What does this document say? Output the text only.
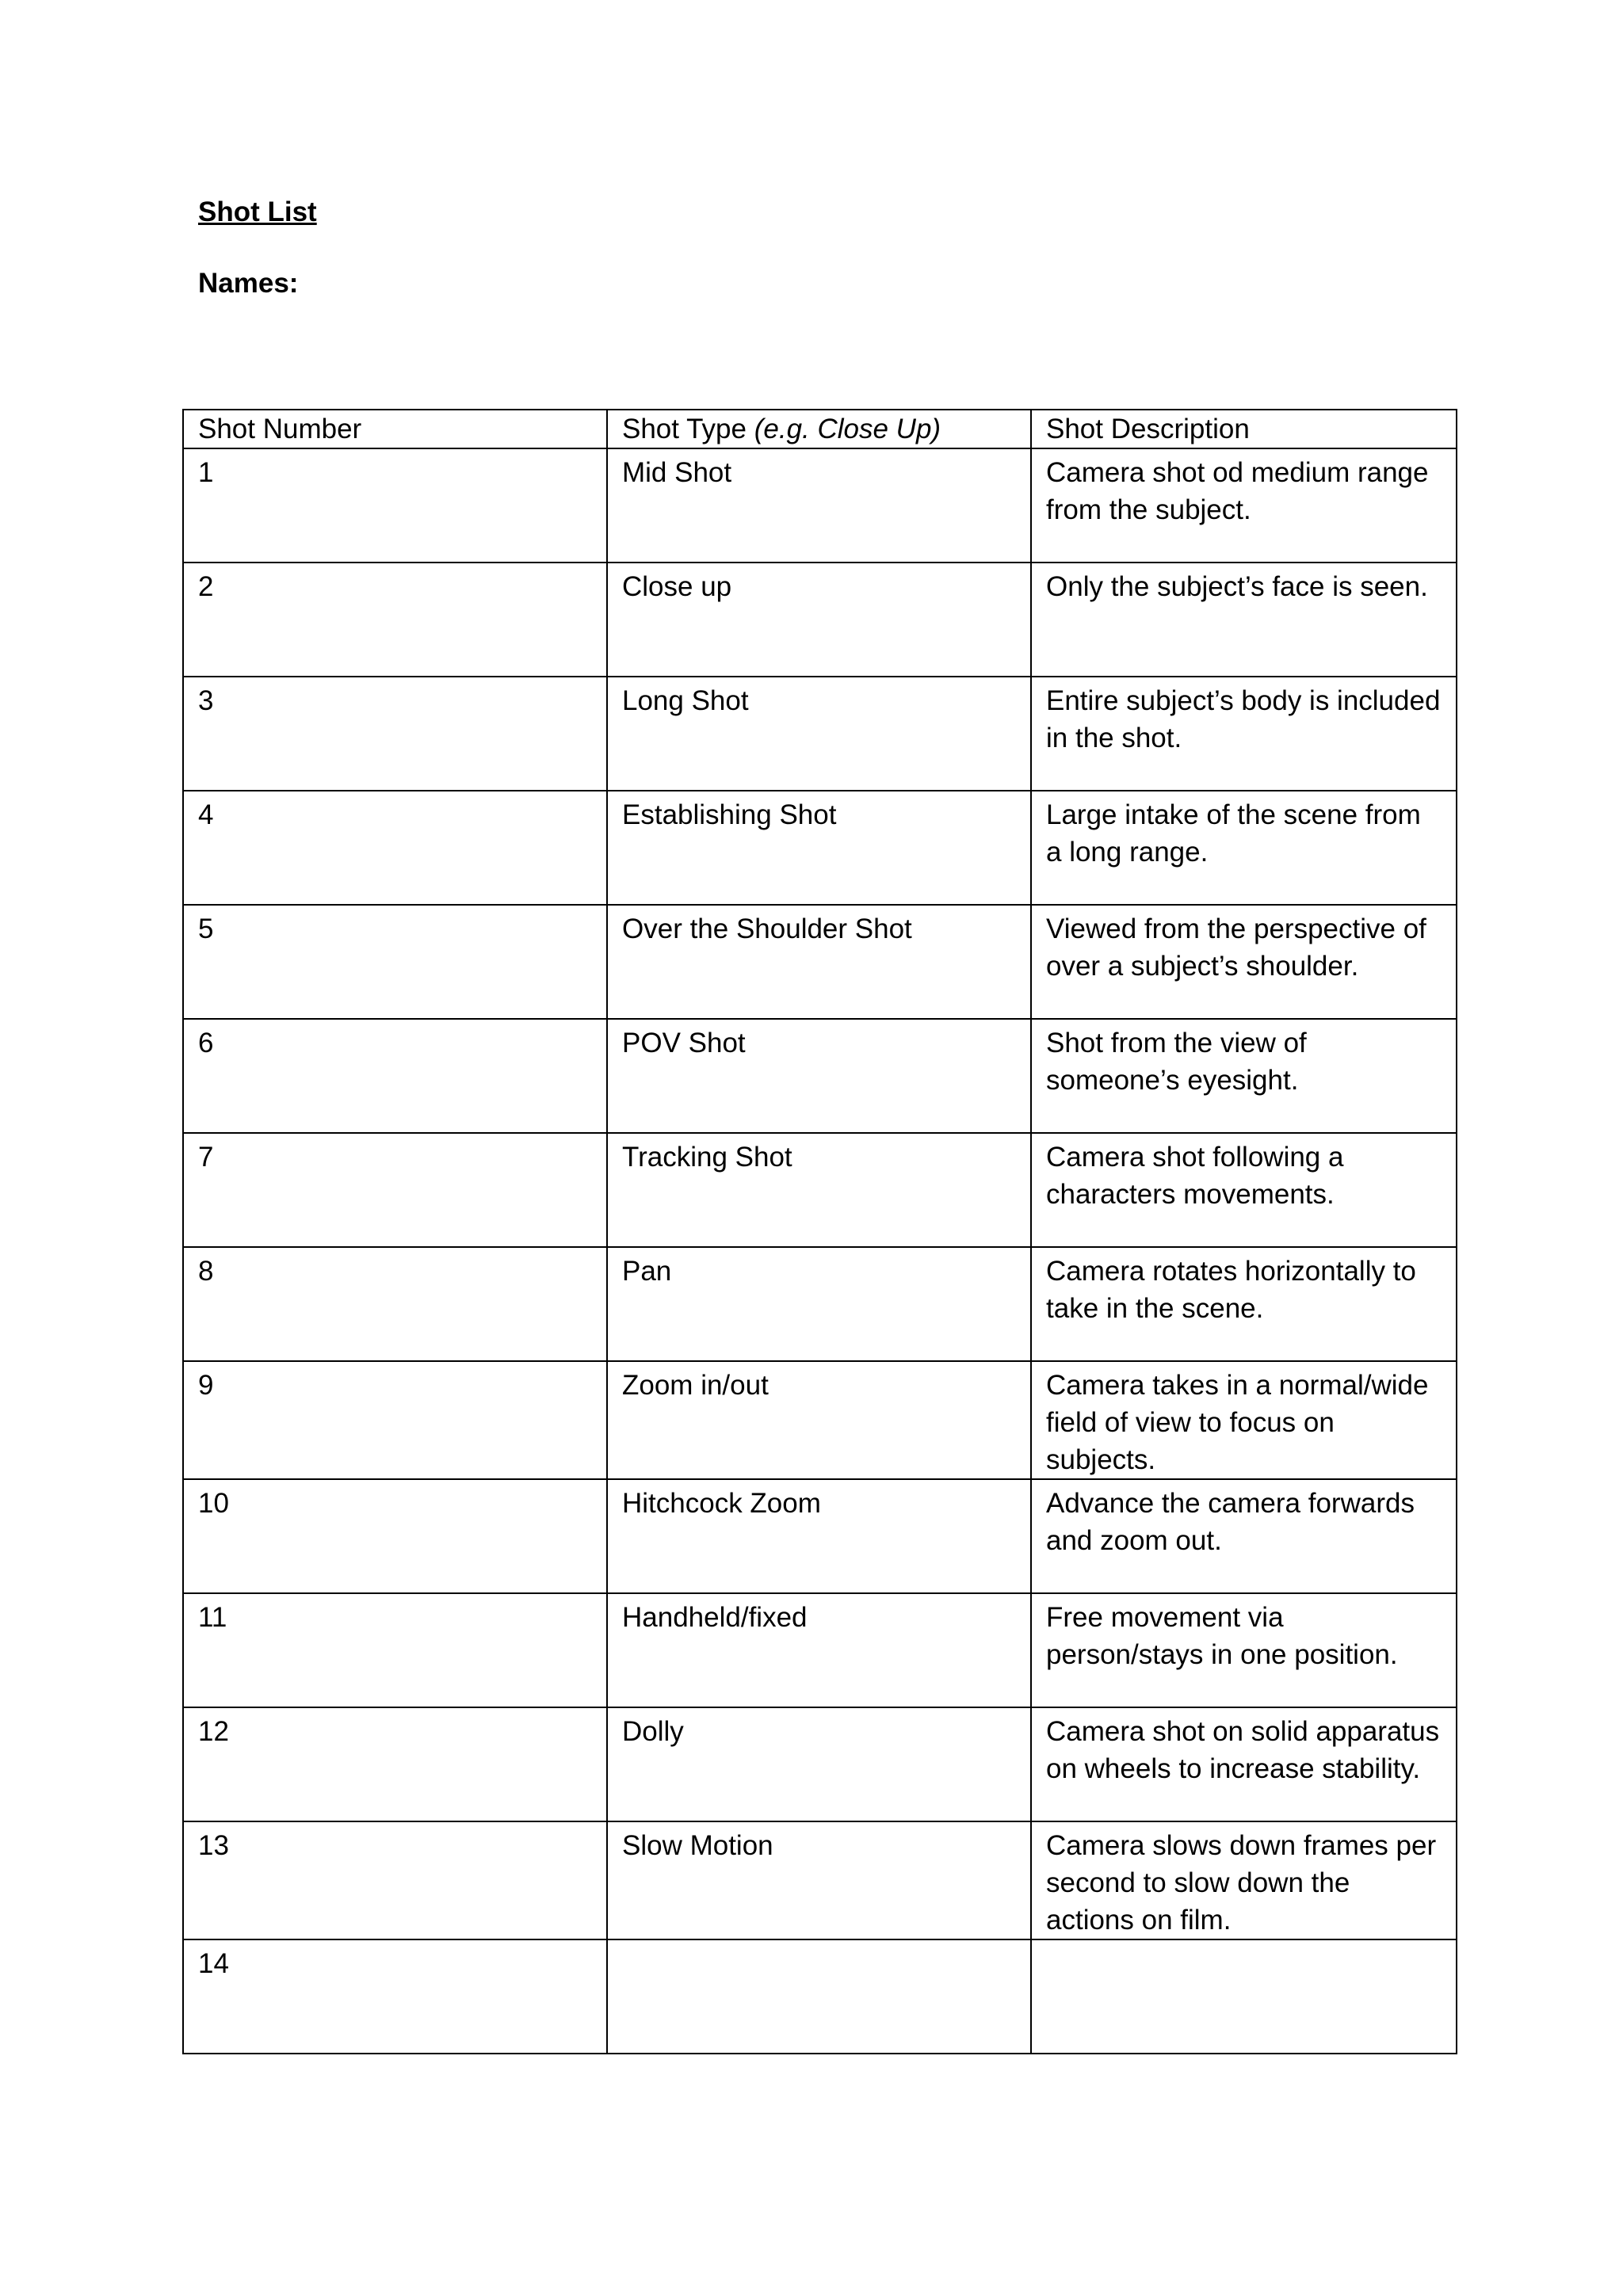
Shot List
Names:
Shot Number	Shot Type (e.g. Close Up)	Shot Description
1	Mid Shot	Camera shot od medium range from the subject.
2	Close up	Only the subject’s face is seen.
3	Long Shot	Entire subject’s body is included in the shot.
4	Establishing Shot	Large intake of the scene from a long range.
5	Over the Shoulder Shot	Viewed from the perspective of over a subject’s shoulder.
6	POV Shot	Shot from the view of someone’s eyesight.
7	Tracking Shot	Camera shot following a characters movements.
8	Pan	Camera rotates horizontally to take in the scene.
9	Zoom in/out	Camera takes in a normal/wide field of view to focus on subjects.
10	Hitchcock Zoom	Advance the camera forwards and zoom out.
11	Handheld/fixed	Free movement via person/stays in one position.
12	Dolly	Camera shot on solid apparatus on wheels to increase stability.
13	Slow Motion	Camera slows down frames per second to slow down the actions on film.
14		
